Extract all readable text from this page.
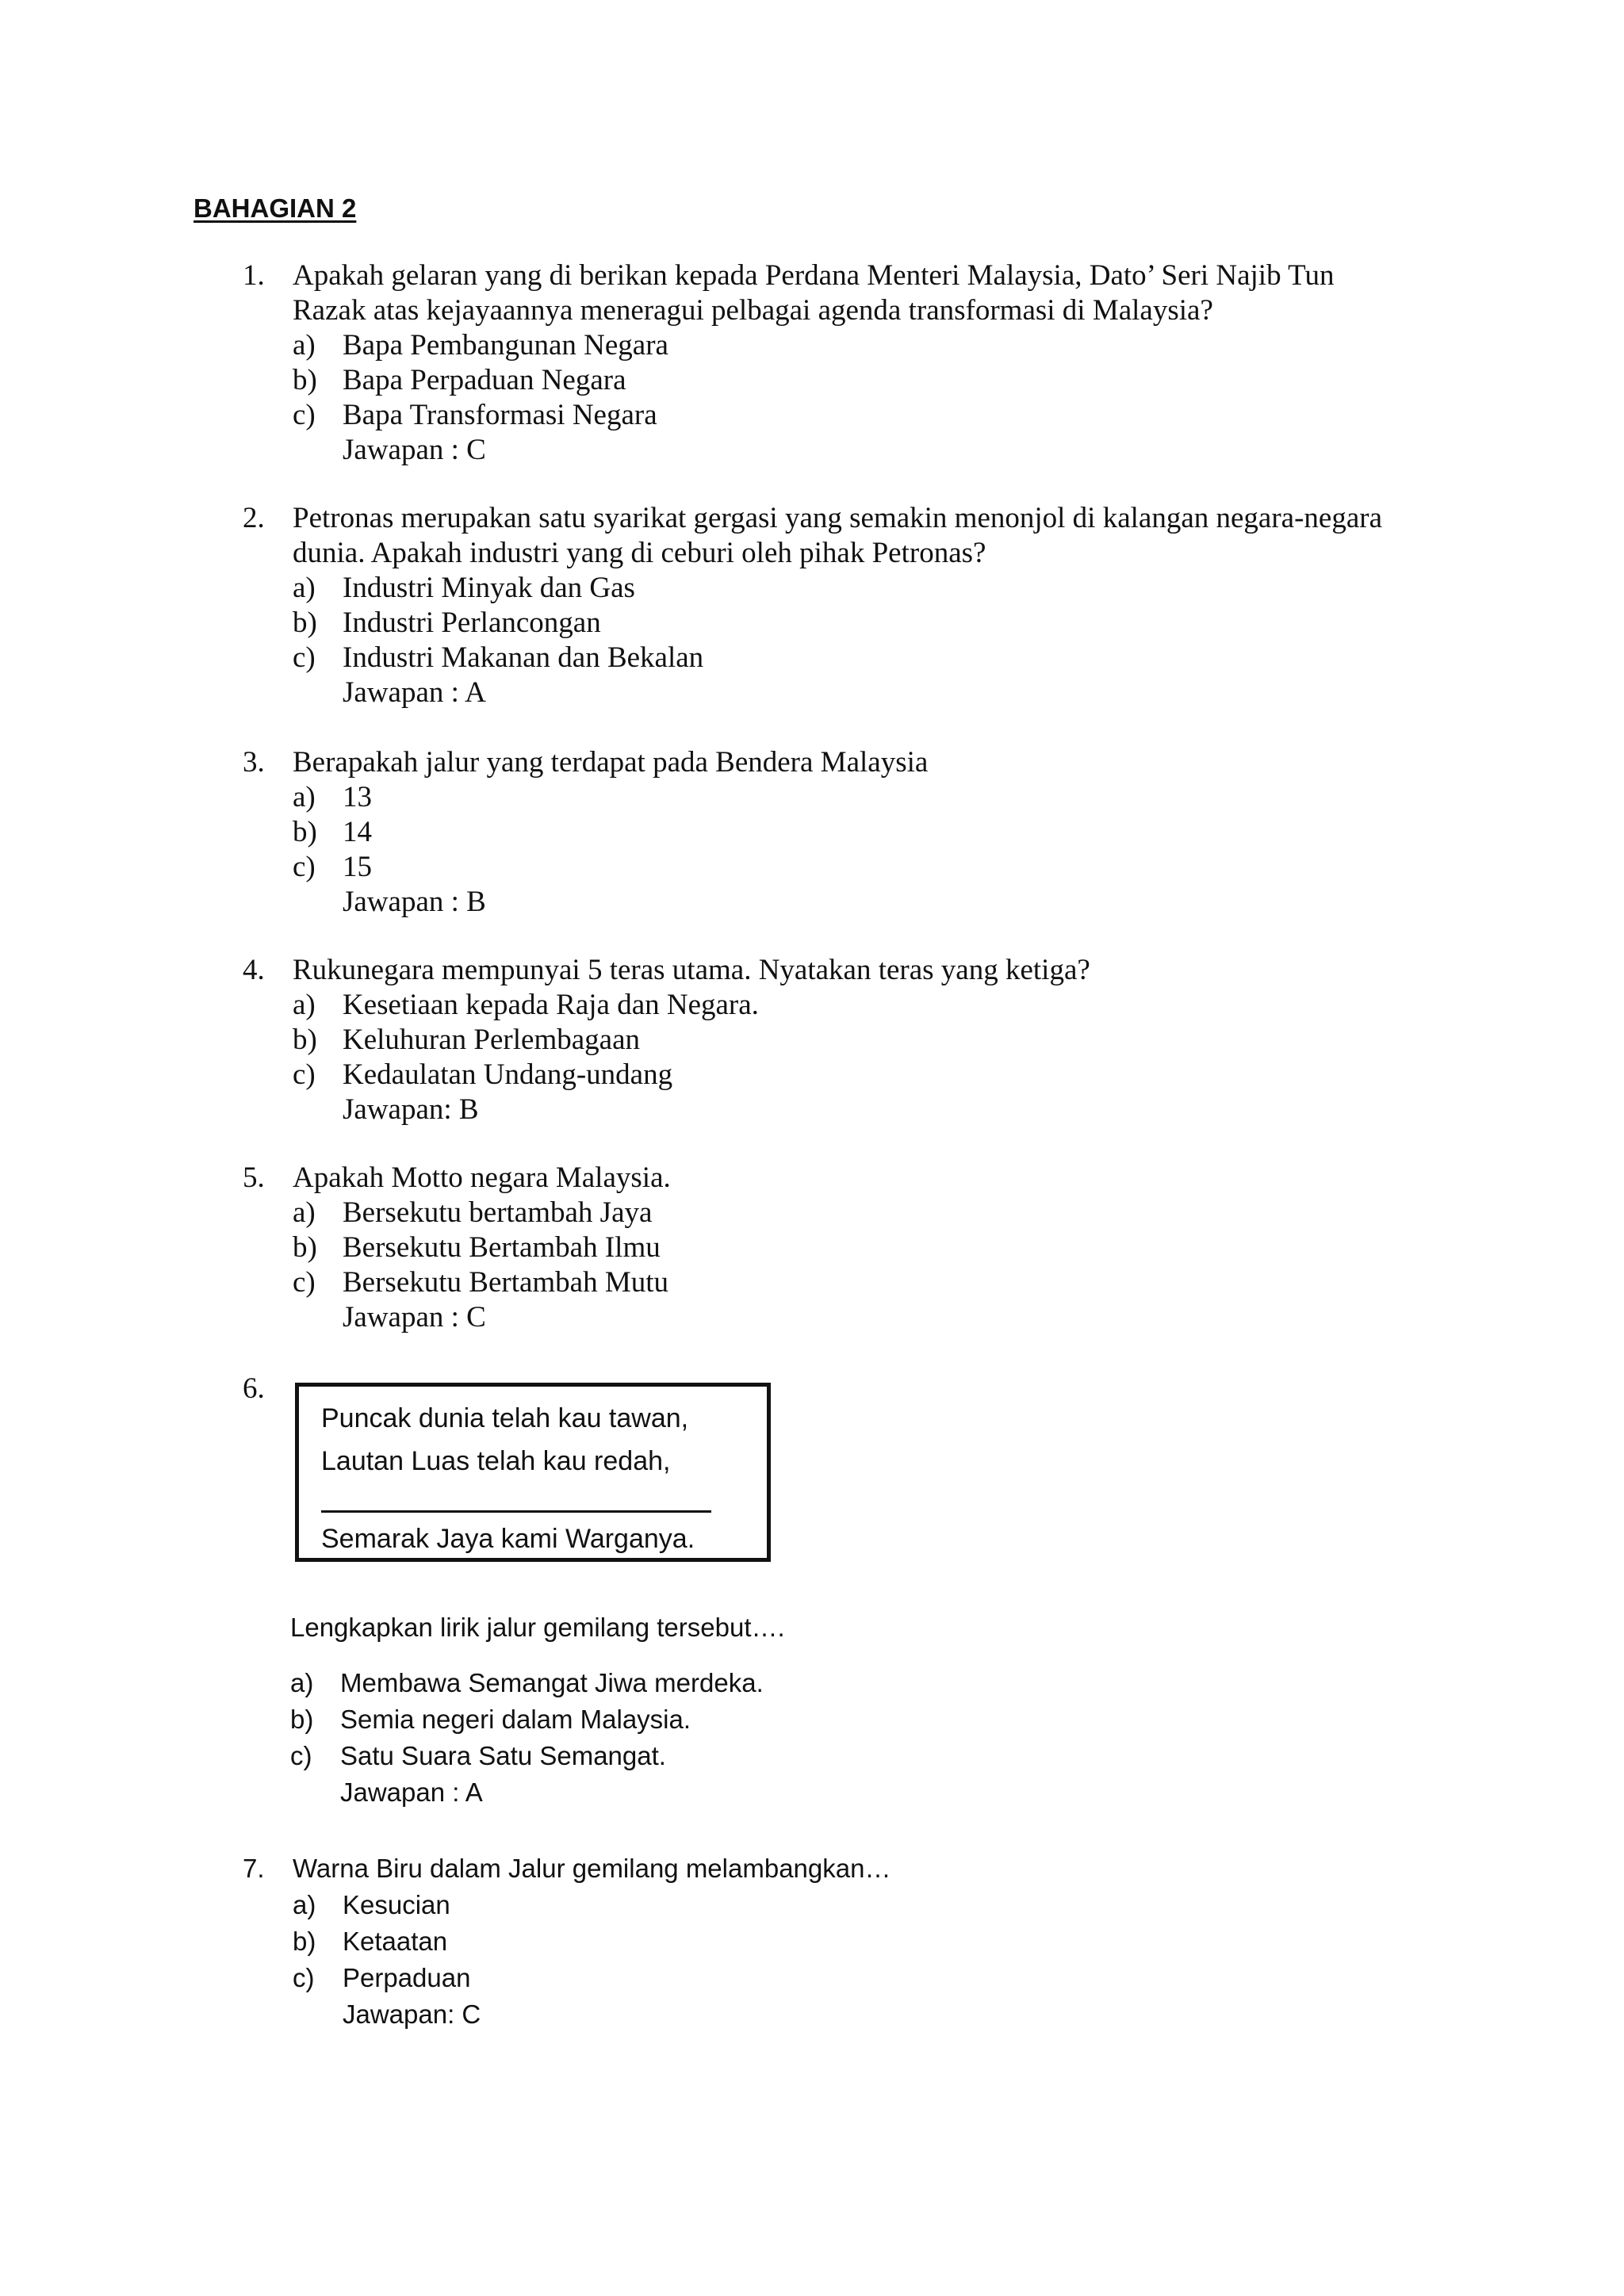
BAHAGIAN 2
1. Apakah gelaran yang di berikan kepada Perdana Menteri Malaysia, Dato’ Seri Najib Tun
Razak atas kejayaannya meneragui pelbagai agenda transformasi di Malaysia?
a) Bapa Pembangunan Negara
b) Bapa Perpaduan Negara
c) Bapa Transformasi Negara
Jawapan : C
2. Petronas merupakan satu syarikat gergasi yang semakin menonjol di kalangan negara-negara
dunia. Apakah industri yang di ceburi oleh pihak Petronas?
a) Industri Minyak dan Gas
b) Industri Perlancongan
c) Industri Makanan dan Bekalan
Jawapan : A
3. Berapakah jalur yang terdapat pada Bendera Malaysia
a) 13
b) 14
c) 15
Jawapan : B
4. Rukunegara mempunyai 5 teras utama. Nyatakan teras yang ketiga?
a) Kesetiaan kepada Raja dan Negara.
b) Keluhuran Perlembagaan
c) Kedaulatan Undang-undang
Jawapan: B
5. Apakah Motto negara Malaysia.
a) Bersekutu bertambah Jaya
b) Bersekutu Bertambah Ilmu
c) Bersekutu Bertambah Mutu
Jawapan : C
6.
Puncak dunia telah kau tawan,
Lautan Luas telah kau redah,
Semarak Jaya kami Warganya.
Lengkapkan lirik jalur gemilang tersebut….
a) Membawa Semangat Jiwa merdeka.
b) Semia negeri dalam Malaysia.
c) Satu Suara Satu Semangat.
Jawapan : A
7. Warna Biru dalam Jalur gemilang melambangkan…
a) Kesucian
b) Ketaatan
c) Perpaduan
Jawapan: C
